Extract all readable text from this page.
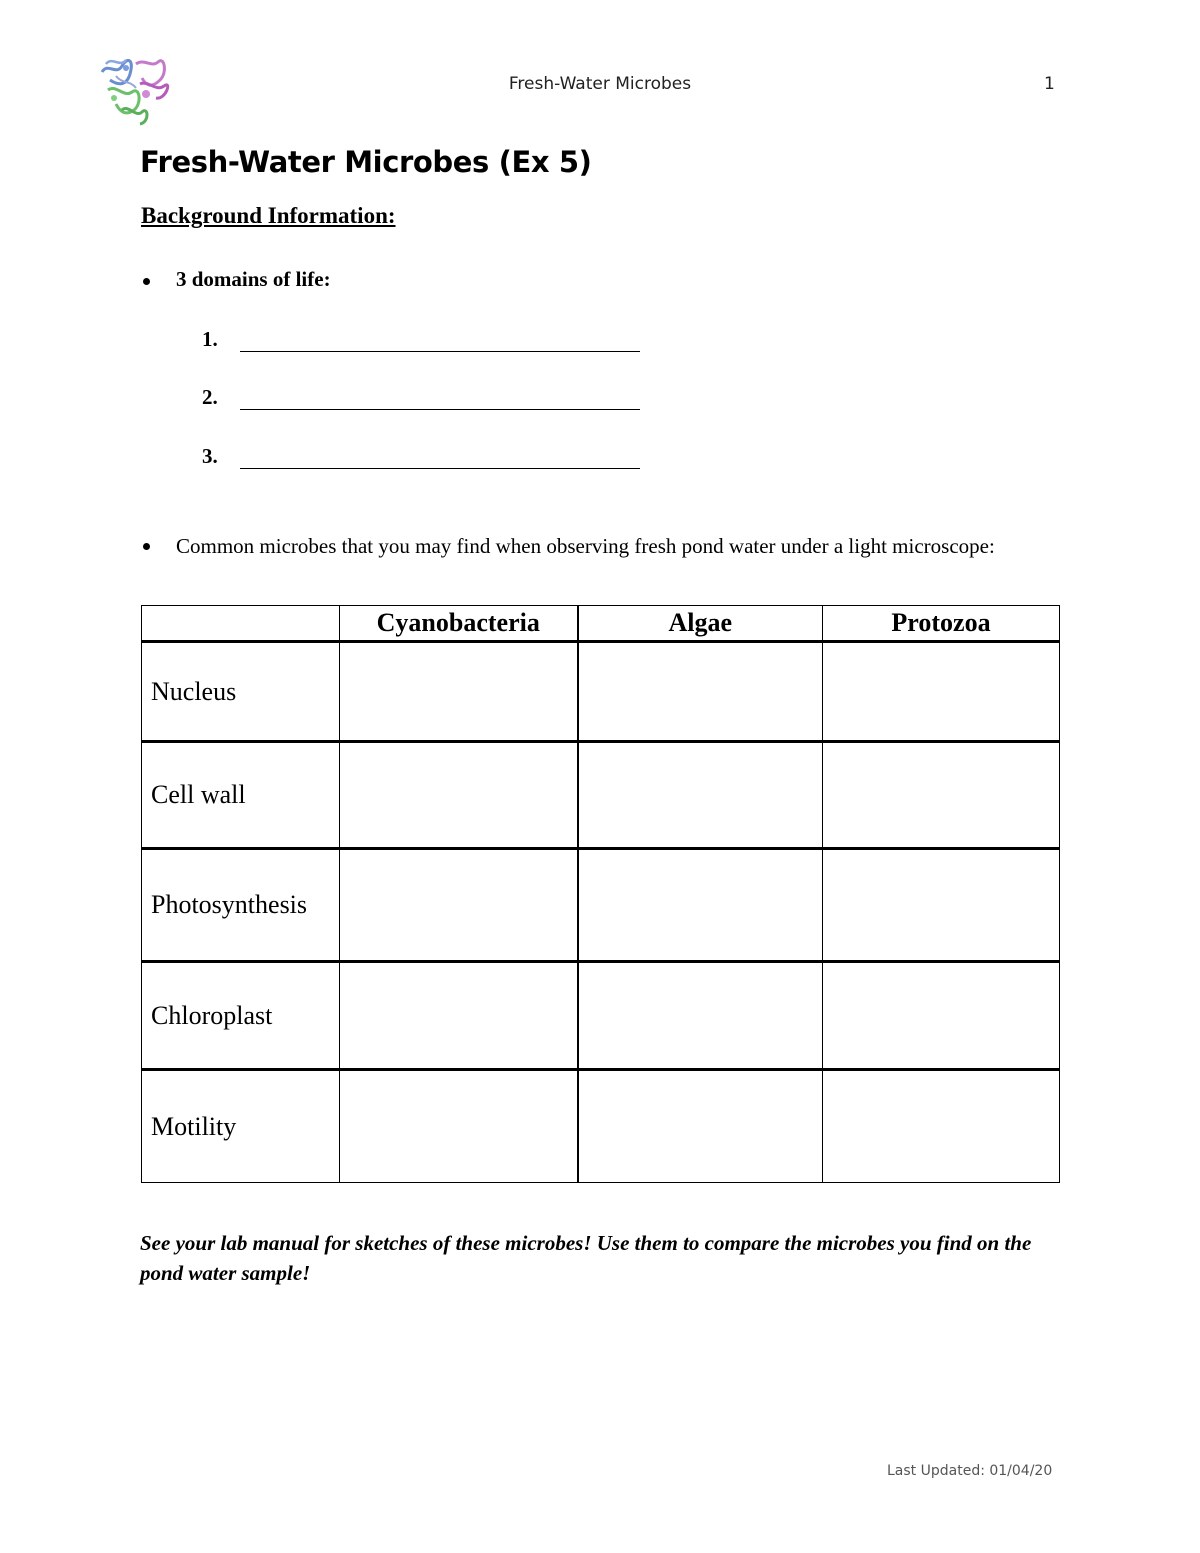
Fresh-Water Microbes	1
Fresh-Water Microbes (Ex 5)
Background Information:
3 domains of life:
1.
2.
3.
Common microbes that you may find when observing fresh pond water under a light microscope:
	Cyanobacteria	Algae	Protozoa
Nucleus			
Cell wall			
Photosynthesis			
Chloroplast			
Motility			
See your lab manual for sketches of these microbes! Use them to compare the microbes you find on the pond water sample!
Last Updated: 01/04/20
